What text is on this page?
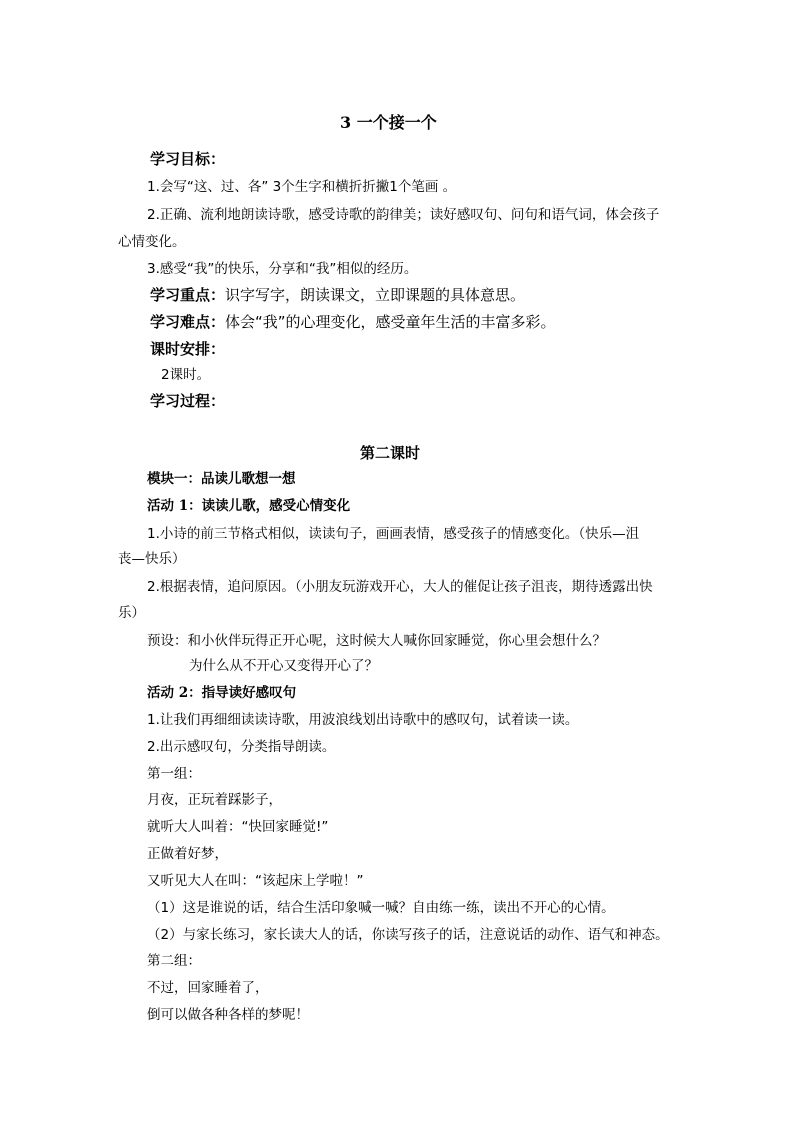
3 一个接一个
学习目标：
1.会写“这、过、各” 3个生字和横折折撇1个笔画 。
2.正确、流利地朗读诗歌，感受诗歌的韵律美；读好感叹句、问句和语气词，体会孩子
心情变化。
3.感受“我”的快乐，分享和“我”相似的经历。
学习重点：识字写字，朗读课文，立即课题的具体意思。
学习难点：体会“我”的心理变化，感受童年生活的丰富多彩。
课时安排：
2课时。
学习过程：
第二课时
模块一：品读儿歌想一想
活动 1：读读儿歌，感受心情变化
1.小诗的前三节格式相似，读读句子，画画表情，感受孩子的情感变化。（快乐—沮
丧—快乐）
2.根据表情，追问原因。（小朋友玩游戏开心，大人的催促让孩子沮丧，期待透露出快
乐）
预设：和小伙伴玩得正开心呢，这时候大人喊你回家睡觉，你心里会想什么？
为什么从不开心又变得开心了？
活动 2：指导读好感叹句
1.让我们再细细读读诗歌，用波浪线划出诗歌中的感叹句，试着读一读。
2.出示感叹句，分类指导朗读。
第一组：
月夜，正玩着踩影子，
就听大人叫着：“快回家睡觉!”
正做着好梦，
又听见大人在叫：“该起床上学啦！”
（1）这是谁说的话，结合生活印象喊一喊？自由练一练，读出不开心的心情。
（2）与家长练习，家长读大人的话，你读写孩子的话，注意说话的动作、语气和神态。
第二组：
不过，回家睡着了，
倒可以做各种各样的梦呢！
